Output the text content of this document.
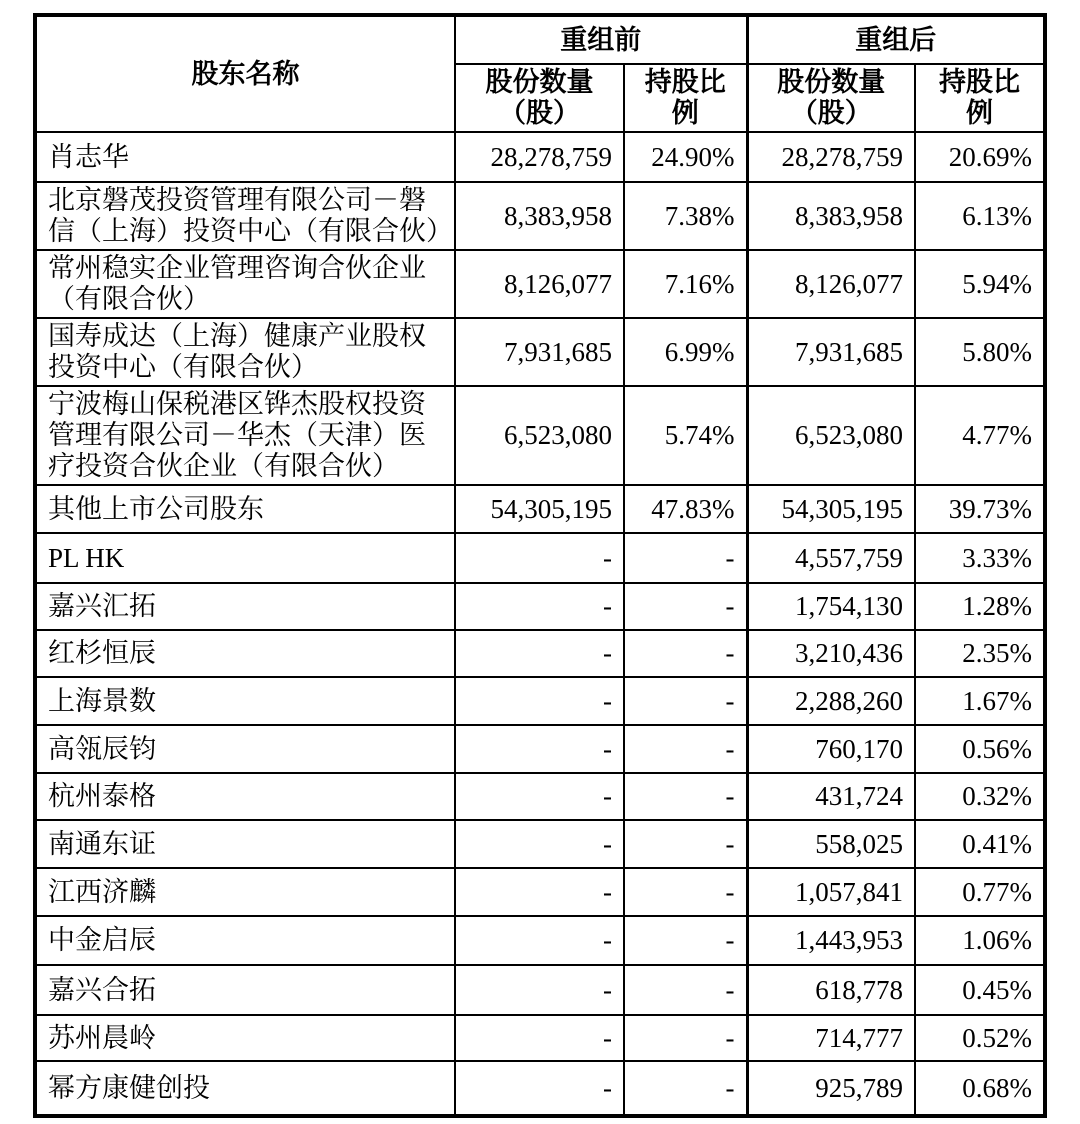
股东名称	重组前		重组后	
	股份数量（股）	持股比例	股份数量（股）	持股比例
肖志华	28,278,759	24.90%	28,278,759	20.69%
北京磐茂投资管理有限公司－磐信（上海）投资中心（有限合伙）	8,383,958	7.38%	8,383,958	6.13%
常州稳实企业管理咨询合伙企业（有限合伙）	8,126,077	7.16%	8,126,077	5.94%
国寿成达（上海）健康产业股权投资中心（有限合伙）	7,931,685	6.99%	7,931,685	5.80%
宁波梅山保税港区铧杰股权投资管理有限公司－华杰（天津）医疗投资合伙企业（有限合伙）	6,523,080	5.74%	6,523,080	4.77%
其他上市公司股东	54,305,195	47.83%	54,305,195	39.73%
PL HK	-	-	4,557,759	3.33%
嘉兴汇拓	-	-	1,754,130	1.28%
红杉恒辰	-	-	3,210,436	2.35%
上海景数	-	-	2,288,260	1.67%
高瓴辰钧	-	-	760,170	0.56%
杭州泰格	-	-	431,724	0.32%
南通东证	-	-	558,025	0.41%
江西济麟	-	-	1,057,841	0.77%
中金启辰	-	-	1,443,953	1.06%
嘉兴合拓	-	-	618,778	0.45%
苏州晨岭	-	-	714,777	0.52%
幂方康健创投	-	-	925,789	0.68%
